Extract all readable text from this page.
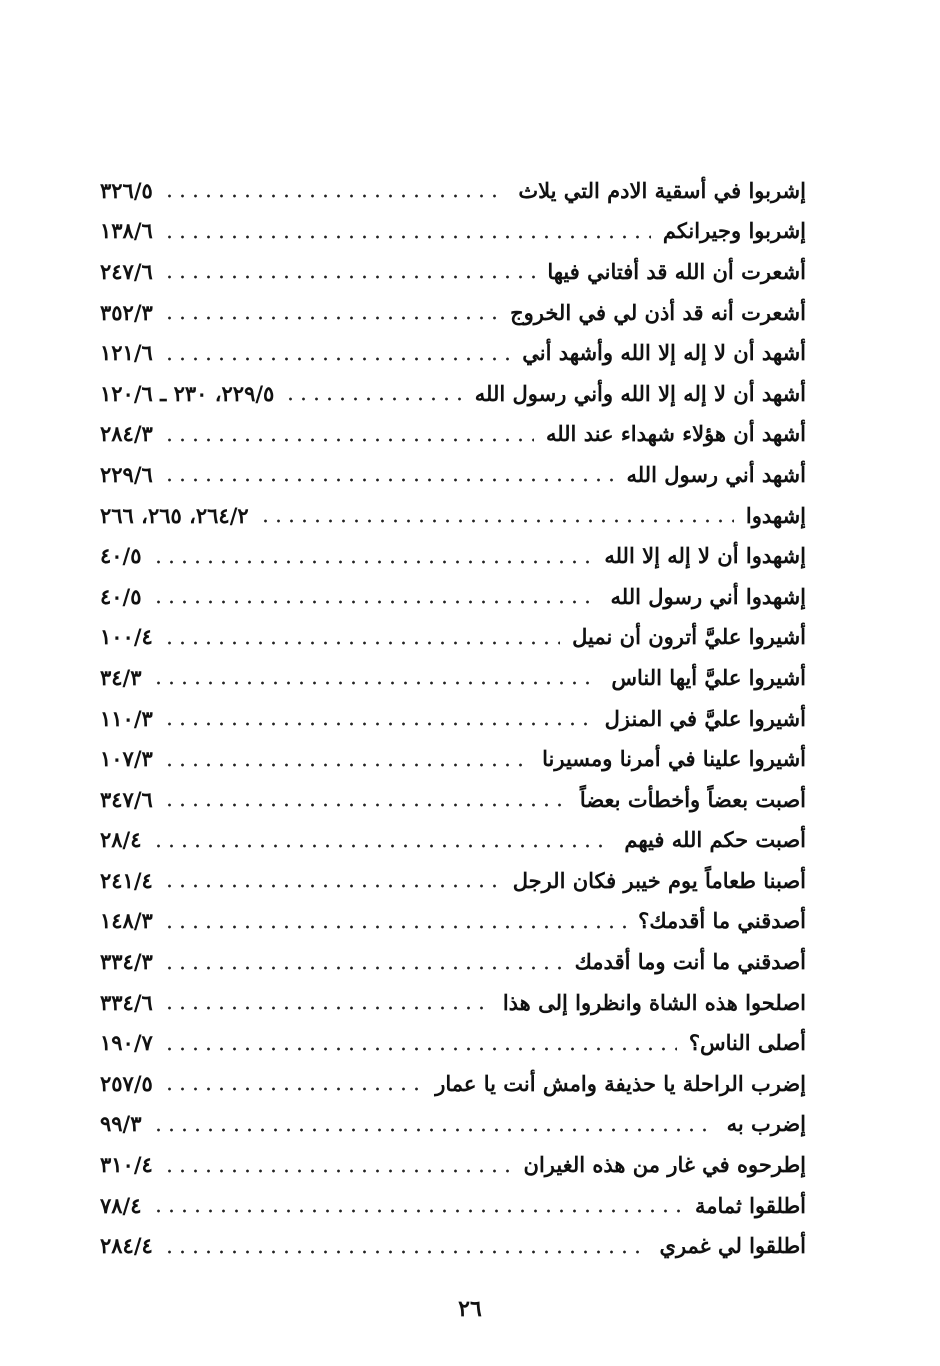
إشربوا في أسقية الادم التي يلاث
٣٢٦/٥
إشربوا وجيرانكم
١٣٨/٦
أشعرت أن الله قد أفتاني فيها
٢٤٧/٦
أشعرت أنه قد أذن لي في الخروج
٣٥٢/٣
أشهد أن لا إله إلا الله وأشهد أني
١٢١/٦
أشهد أن لا إله إلا الله وأني رسول الله
٢٢٩/٥، ٢٣٠ ـ ١٢٠/٦
أشهد أن هؤلاء شهداء عند الله
٢٨٤/٣
أشهد أني رسول الله
٢٢٩/٦
إشهدوا
٢٦٤/٢، ٢٦٥، ٢٦٦
إشهدوا أن لا إله إلا الله
٤٠/٥
إشهدوا أني رسول الله
٤٠/٥
أشيروا عليَّ أترون أن نميل
١٠٠/٤
أشيروا عليَّ أيها الناس
٣٤/٣
أشيروا عليَّ في المنزل
١١٠/٣
أشيروا علينا في أمرنا ومسيرنا
١٠٧/٣
أصبت بعضاً وأخطأت بعضاً
٣٤٧/٦
أصبت حكم الله فيهم
٢٨/٤
أصبنا طعاماً يوم خيبر فكان الرجل
٢٤١/٤
أصدقني ما أقدمك؟
١٤٨/٣
أصدقني ما أنت وما أقدمك
٣٣٤/٣
اصلحوا هذه الشاة وانظروا إلى هذا
٣٣٤/٦
أصلى الناس؟
١٩٠/٧
إضرب الراحلة يا حذيفة وامش أنت يا عمار
٢٥٧/٥
إضرب به
٩٩/٣
إطرحوه في غار من هذه الغيران
٣١٠/٤
أطلقوا ثمامة
٧٨/٤
أطلقوا لي غمري
٢٨٤/٤
٢٦
